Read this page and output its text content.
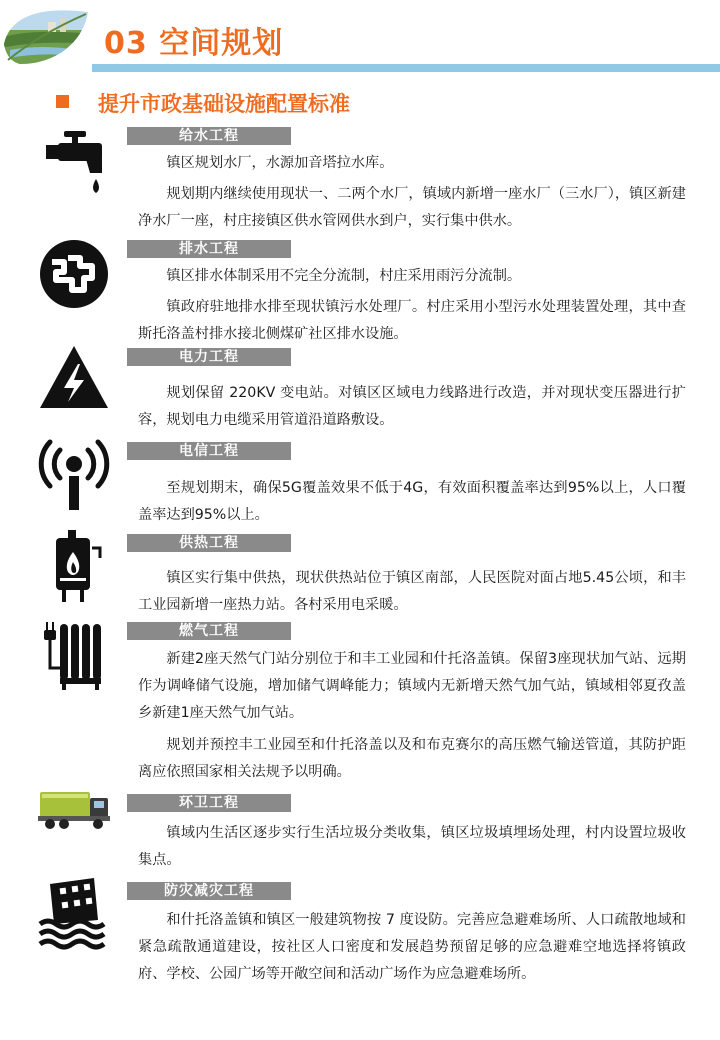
03 空间规划
提升市政基础设施配置标准
给水工程

镇区规划水厂，水源加音塔拉水库。

规划期内继续使用现状一、二两个水厂，镇域内新增一座水厂（三水厂），镇区新建净水厂一座，村庄接镇区供水管网供水到户，实行集中供水。

排水工程

镇区排水体制采用不完全分流制，村庄采用雨污分流制。

镇政府驻地排水排至现状镇污水处理厂。村庄采用小型污水处理装置处理，其中查斯托洛盖村排水接北侧煤矿社区排水设施。

电力工程

规划保留 220KV 变电站。对镇区区域电力线路进行改造，并对现状变压器进行扩容，规划电力电缆采用管道沿道路敷设。

电信工程

至规划期末，确保5G覆盖效果不低于4G，有效面积覆盖率达到95%以上，人口覆盖率达到95%以上。

供热工程

镇区实行集中供热，现状供热站位于镇区南部，人民医院对面占地5.45公顷，和丰工业园新增一座热力站。各村采用电采暖。

燃气工程

新建2座天然气门站分别位于和丰工业园和什托洛盖镇。保留3座现状加气站、远期作为调峰储气设施，增加储气调峰能力；镇域内无新增天然气加气站，镇域相邻夏孜盖乡新建1座天然气加气站。

规划并预控丰工业园至和什托洛盖以及和布克赛尔的高压燃气输送管道，其防护距离应依照国家相关法规予以明确。

环卫工程

镇域内生活区逐步实行生活垃圾分类收集，镇区垃圾填埋场处理，村内设置垃圾收集点。

防灾减灾工程

和什托洛盖镇和镇区一般建筑物按 7 度设防。完善应急避难场所、人口疏散地域和紧急疏散通道建设，按社区人口密度和发展趋势预留足够的应急避难空地选择将镇政府、学校、公园广场等开敞空间和活动广场作为应急避难场所。
